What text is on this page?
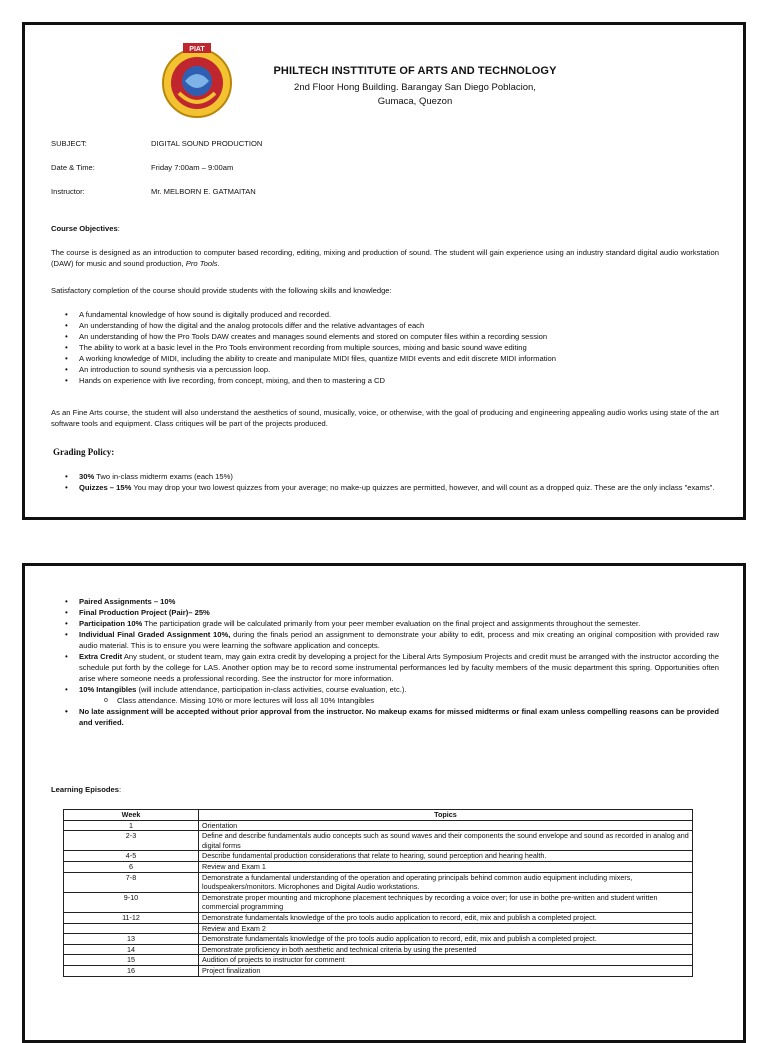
PIAT
PHILTECH INSTTITUTE OF ARTS AND TECHNOLOGY
2nd Floor Hong Building. Barangay San Diego Poblacion,
Gumaca, Quezon
SUBJECT:	DIGITAL SOUND PRODUCTION
Date & Time:	Friday 7:00am – 9:00am
Instructor:	Mr. MELBORN E. GATMAITAN
Course Objectives:
The course is designed as an introduction to computer based recording, editing, mixing and production of sound. The student will gain experience using an industry standard digital audio workstation (DAW) for music and sound production, Pro Tools.
Satisfactory completion of the course should provide students with the following skills and knowledge:
• A fundamental knowledge of how sound is digitally produced and recorded.
• An understanding of how the digital and the analog protocols differ and the relative advantages of each
• An understanding of how the Pro Tools DAW creates and manages sound elements and stored on computer files within a recording session
• The ability to work at a basic level in the Pro Tools environment recording from multiple sources, mixing and basic sound wave editing
• A working knowledge of MIDI, including the ability to create and manipulate MIDI files, quantize MIDI events and edit discrete MIDI information
• An introduction to sound synthesis via a percussion loop.
• Hands on experience with live recording, from concept, mixing, and then to mastering a CD
As an Fine Arts course, the student will also understand the aesthetics of sound, musically, voice, or otherwise, with the goal of producing and engineering appealing audio works using state of the art software tools and equipment. Class critiques will be part of the projects produced.
Grading Policy:
• 30% Two in-class midterm exams (each 15%)
• Quizzes – 15% You may drop your two lowest quizzes from your average; no make-up quizzes are permitted, however, and will count as a dropped quiz. These are the only inclass "exams".
• Paired Assignments – 10%
• Final Production Project (Pair)– 25%
• Participation 10% The participation grade will be calculated primarily from your peer member evaluation on the final project and assignments throughout the semester.
• Individual Final Graded Assignment 10%, during the finals period an assignment to demonstrate your ability to edit, process and mix creating an original composition with provided raw audio material. This is to ensure you were learning the software application and concepts.
• Extra Credit Any student, or student team, may gain extra credit by developing a project for the Liberal Arts Symposium Projects and credit must be arranged with the instructor according the schedule put forth by the college for LAS. Another option may be to record some instrumental performances led by faculty members of the music department this spring. Opportunities often arise where someone needs a professional recording. See the instructor for more information.
• 10% Intangibles (will include attendance, participation in-class activities, course evaluation, etc.).
o Class attendance. Missing 10% or more lectures will loss all 10% Intangibles
• No late assignment will be accepted without prior approval from the instructor. No makeup exams for missed midterms or final exam unless compelling reasons can be provided and verified.
Learning Episodes:
Week	Topics
1	Orientation
2-3	Define and describe fundamentals audio concepts such as sound waves and their components the sound envelope and sound as recorded in analog and digital forms
4-5	Describe fundamental production considerations that relate to hearing, sound perception and hearing health.
6	Review and Exam 1
7-8	Demonstrate a fundamental understanding of the operation and operating principals behind common audio equipment including mixers, loudspeakers/monitors. Microphones and Digital Audio workstations.
9-10	Demonstrate proper mounting and microphone placement techniques by recording a voice over; for use in bothe pre-written and student written commercial programming
11-12	Demonstrate fundamentals knowledge of the pro tools audio application to record, edit, mix and publish a completed project.
	Review and Exam 2
13	Demonstrate fundamentals knowledge of the pro tools audio application to record, edit, mix and publish a completed project.
14	Demonstrate proficiency in both aesthetic and technical criteria by using the presented
15	Audition of projects to instructor for comment
16	Project finalization
